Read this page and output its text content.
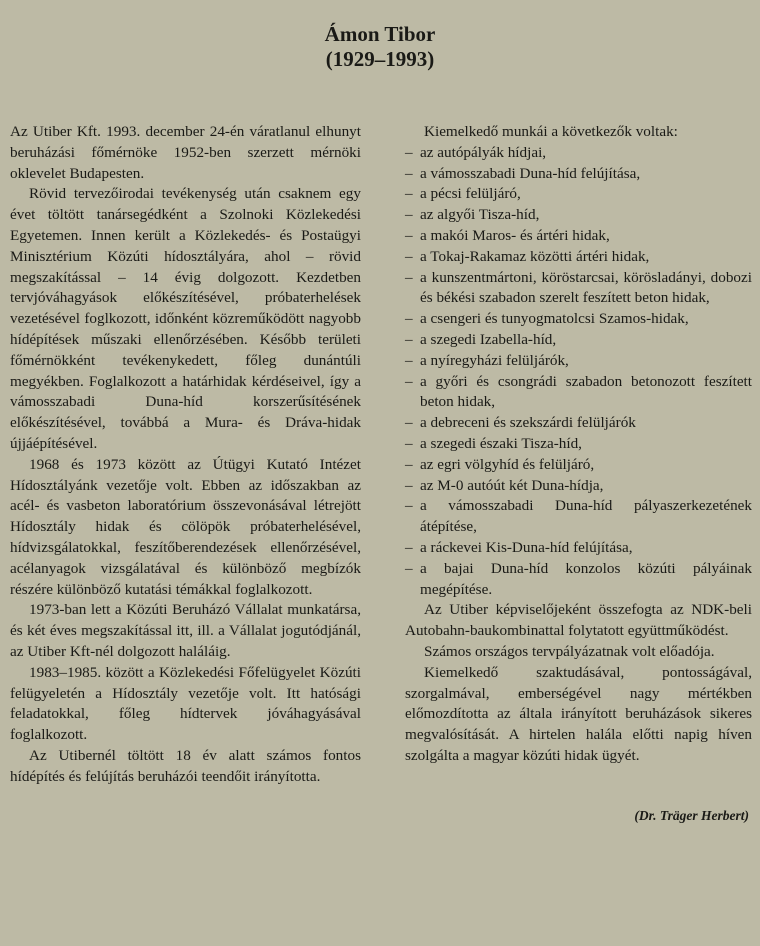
Ámon Tibor
(1929–1993)

Az Utiber Kft. 1993. december 24-én váratlanul elhunyt beruházási főmérnöke 1952-ben szerzett mérnöki oklevelet Budapesten.

Rövid tervezőirodai tevékenység után csaknem egy évet töltött tanársegédként a Szolnoki Közlekedési Egyetemen. Innen került a Közlekedés- és Postaügyi Minisztérium Közúti hídosztályára, ahol – rövid megszakítással – 14 évig dolgozott. Kezdetben tervjóváhagyások előkészítésével, próbaterhelések vezetésével foglkozott, időnként közreműködött nagyobb hídépítések műszaki ellenőrzésében. Később területi főmérnökként tevékenykedett, főleg dunántúli megyékben. Foglalkozott a határhidak kérdéseivel, így a vámosszabadi Duna-híd korszerűsítésének előkészítésével, továbbá a Mura- és Dráva-hidak újjáépítésével.

1968 és 1973 között az Útügyi Kutató Intézet Hídosztályánk vezetője volt. Ebben az időszakban az acél- és vasbeton laboratórium összevonásával létrejött Hídosztály hidak és cölöpök próbaterhelésével, hídvizsgálatokkal, feszítőberendezések ellenőrzésével, acélanyagok vizsgálatával és különböző megbízók részére különböző kutatási témákkal foglalkozott.

1973-ban lett a Közúti Beruházó Vállalat munkatársa, és két éves megszakítással itt, ill. a Vállalat jogutódjánál, az Utiber Kft-nél dolgozott haláláig.

1983–1985. között a Közlekedési Főfelügyelet Közúti felügyeletén a Hídosztály vezetője volt. Itt hatósági feladatokkal, főleg hídtervek jóváhagyásával foglalkozott.

Az Utibernél töltött 18 év alatt számos fontos hídépítés és felújítás beruházói teendőit irányította.

Kiemelkedő munkái a következők voltak:

– az autópályák hídjai,
– a vámosszabadi Duna-híd felújítása,
– a pécsi felüljáró,
– az algyői Tisza-híd,
– a makói Maros- és ártéri hidak,
– a Tokaj-Rakamaz közötti ártéri hidak,
– a kunszentmártoni, köröstarcsai, körösladányi, dobozi és békési szabadon szerelt feszített beton hidak,
– a csengeri és tunyogmatolcsi Szamos-hidak,
– a szegedi Izabella-híd,
– a nyíregyházi felüljárók,
– a győri és csongrádi szabadon betonozott feszített beton hidak,
– a debreceni és szekszárdi felüljárók
– a szegedi északi Tisza-híd,
– az egri völgyhíd és felüljáró,
– az M-0 autóút két Duna-hídja,
– a vámosszabadi Duna-híd pályaszerkezetének átépítése,
– a ráckevei Kis-Duna-híd felújítása,
– a bajai Duna-híd konzolos közúti pályáinak megépítése.

Az Utiber képviselőjeként összefogta az NDK-beli Autobahn-baukombinattal folytatott együttműködést.

Számos országos tervpályázatnak volt előadója.

Kiemelkedő szaktudásával, pontosságával, szorgalmával, emberségével nagy mértékben előmozdította az általa irányított beruházások sikeres megvalósítását. A hirtelen halála előtti napig híven szolgálta a magyar közúti hidak ügyét.

(Dr. Träger Herbert)
